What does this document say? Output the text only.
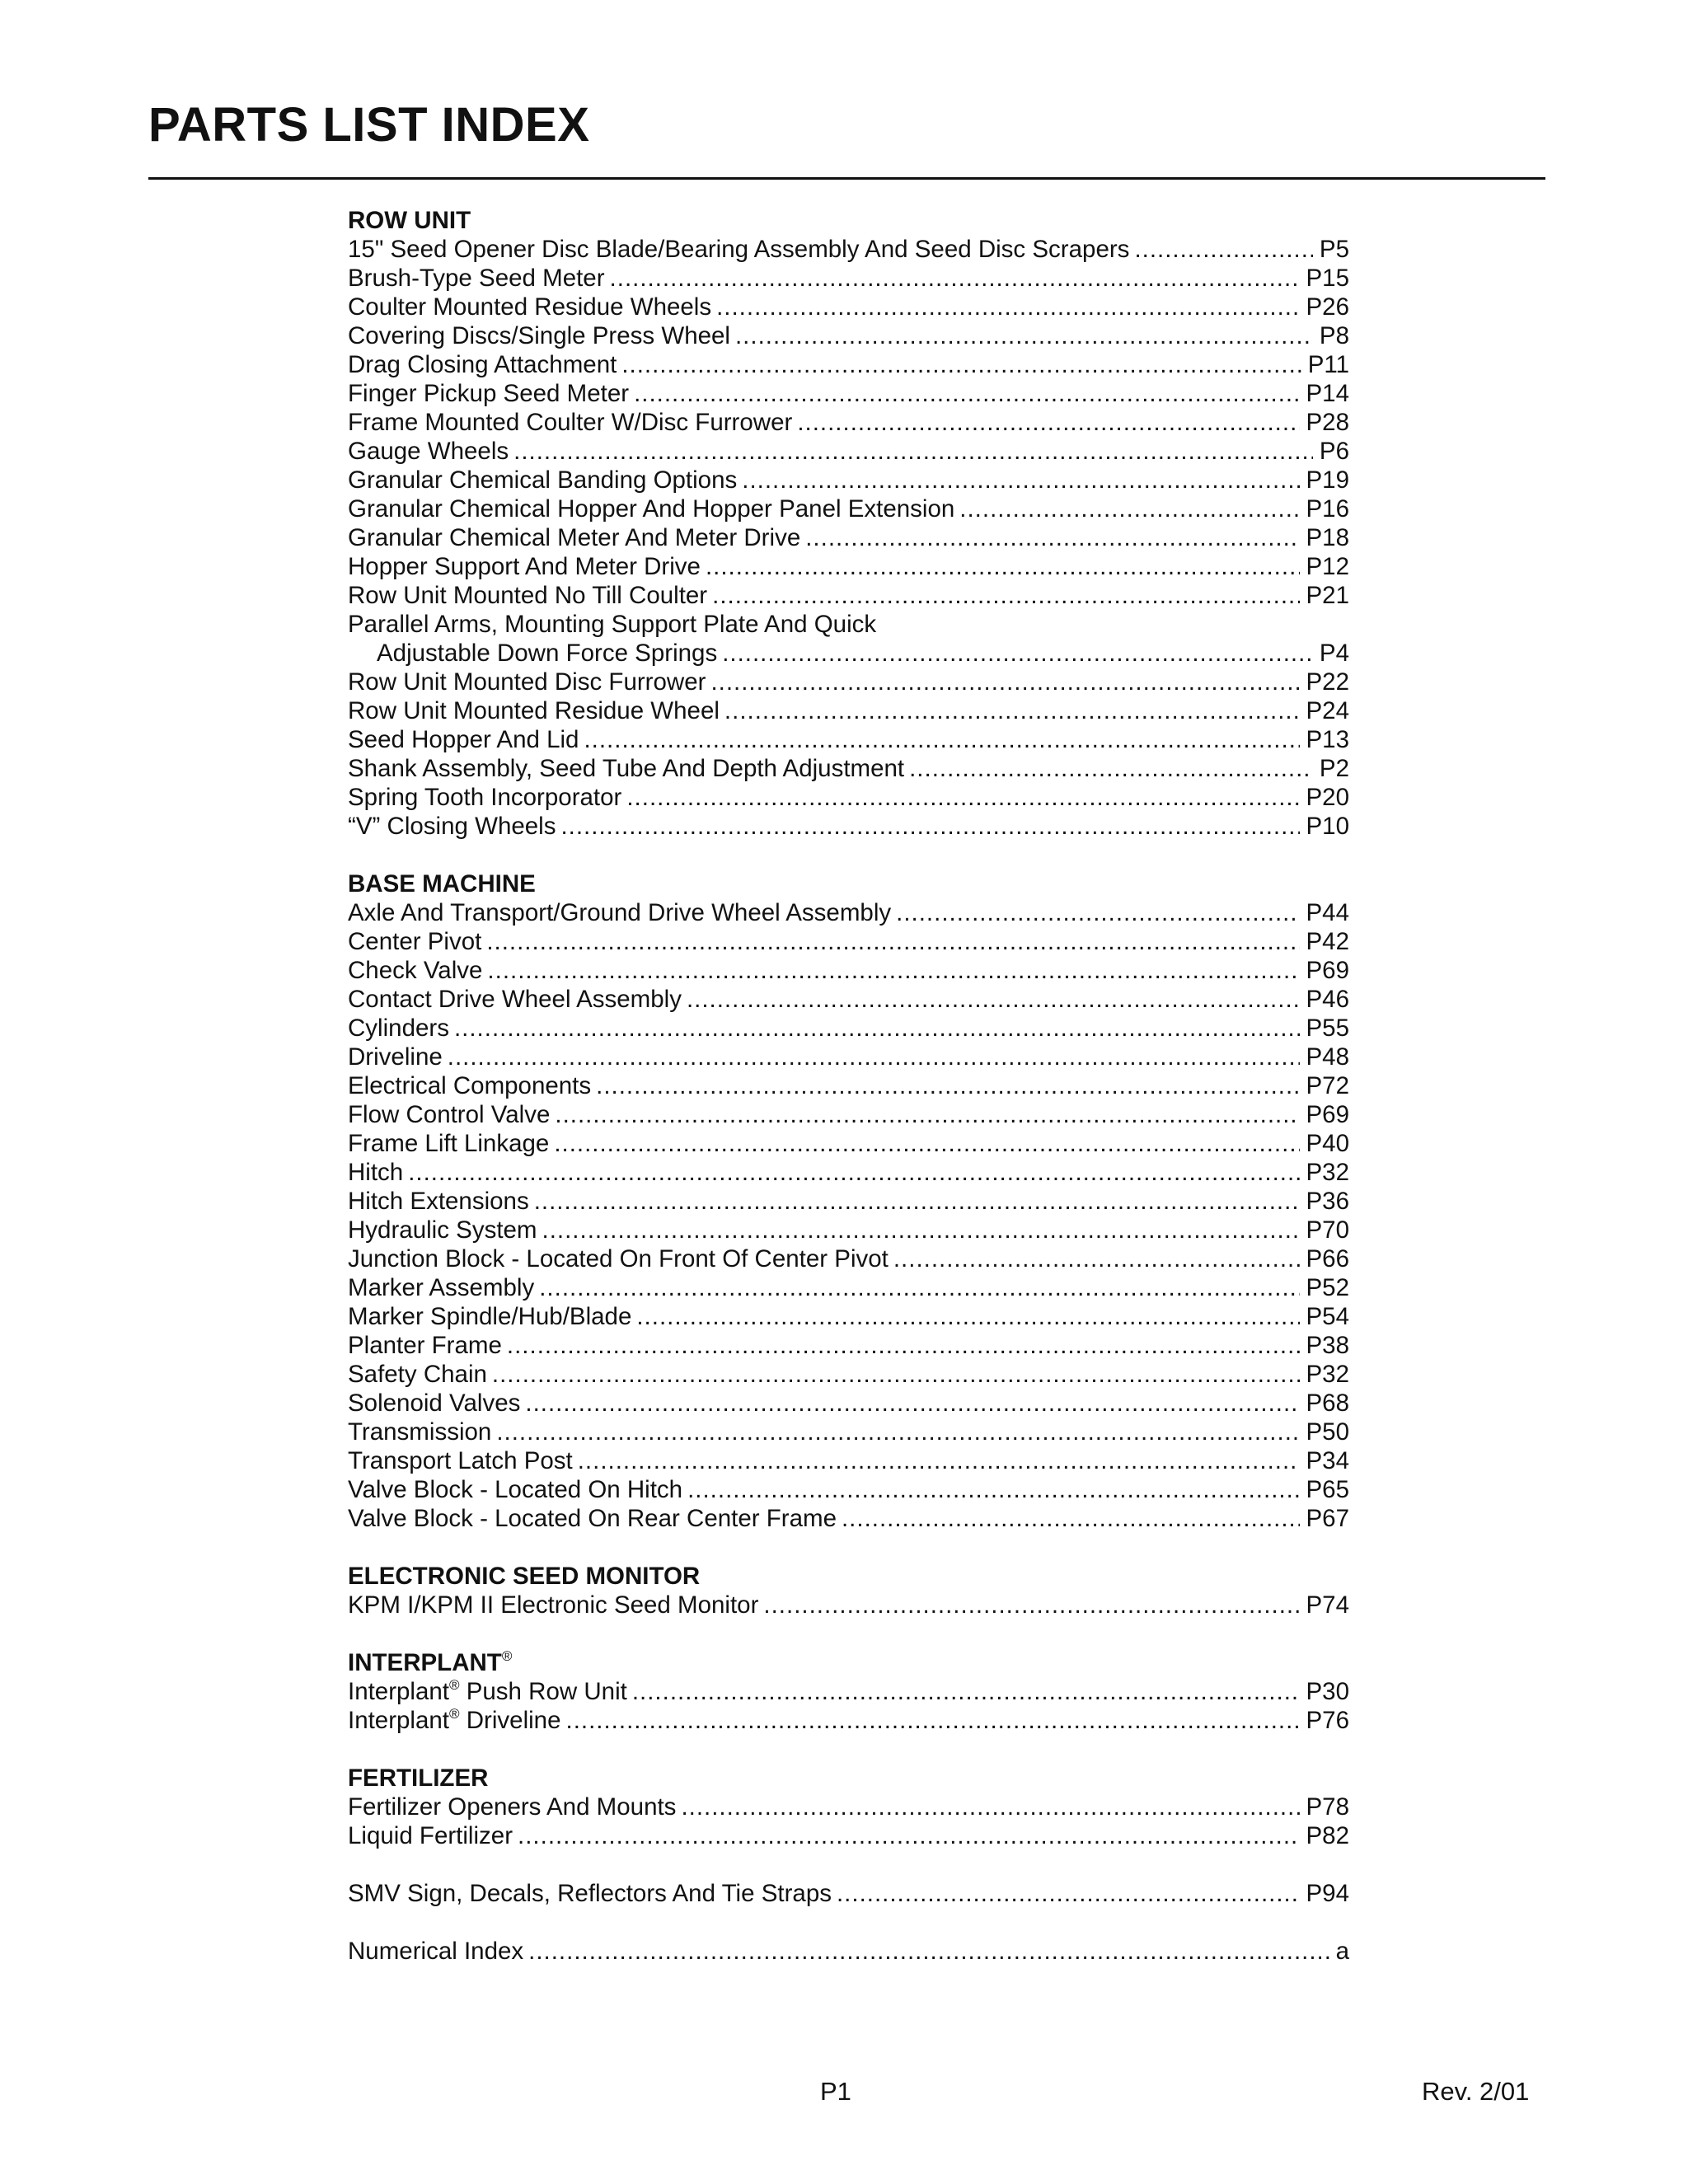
PARTS LIST INDEX
ROW UNIT
15" Seed Opener Disc Blade/Bearing Assembly And Seed Disc Scrapers .....	P5
Brush-Type Seed Meter .....	P15
Coulter Mounted Residue Wheels .....	P26
Covering Discs/Single Press Wheel .....	P8
Drag Closing Attachment .....	P11
Finger Pickup Seed Meter .....	P14
Frame Mounted Coulter W/Disc Furrower .....	P28
Gauge Wheels .....	P6
Granular Chemical Banding Options .....	P19
Granular Chemical Hopper And Hopper Panel Extension .....	P16
Granular Chemical Meter And Meter Drive .....	P18
Hopper Support And Meter Drive .....	P12
Row Unit Mounted No Till Coulter .....	P21
Parallel Arms, Mounting Support Plate And Quick
Adjustable Down Force Springs .....	P4
Row Unit Mounted Disc Furrower .....	P22
Row Unit Mounted Residue Wheel .....	P24
Seed Hopper And Lid .....	P13
Shank Assembly, Seed Tube And Depth Adjustment .....	P2
Spring Tooth Incorporator .....	P20
“V” Closing Wheels .....	P10
BASE MACHINE
Axle And Transport/Ground Drive Wheel Assembly .....	P44
Center Pivot .....	P42
Check Valve .....	P69
Contact Drive Wheel Assembly .....	P46
Cylinders .....	P55
Driveline .....	P48
Electrical Components .....	P72
Flow Control Valve .....	P69
Frame Lift Linkage .....	P40
Hitch .....	P32
Hitch Extensions .....	P36
Hydraulic System .....	P70
Junction Block - Located On Front Of Center Pivot .....	P66
Marker Assembly .....	P52
Marker Spindle/Hub/Blade .....	P54
Planter Frame .....	P38
Safety Chain .....	P32
Solenoid Valves .....	P68
Transmission .....	P50
Transport Latch Post .....	P34
Valve Block - Located On Hitch .....	P65
Valve Block - Located On Rear Center Frame .....	P67
ELECTRONIC SEED MONITOR
KPM I/KPM II Electronic Seed Monitor .....	P74
INTERPLANT®
Interplant® Push Row Unit .....	P30
Interplant® Driveline .....	P76
FERTILIZER
Fertilizer Openers And Mounts .....	P78
Liquid Fertilizer .....	P82
SMV Sign, Decals, Reflectors And Tie Straps .....	P94
Numerical Index .....	a
P1	Rev. 2/01
